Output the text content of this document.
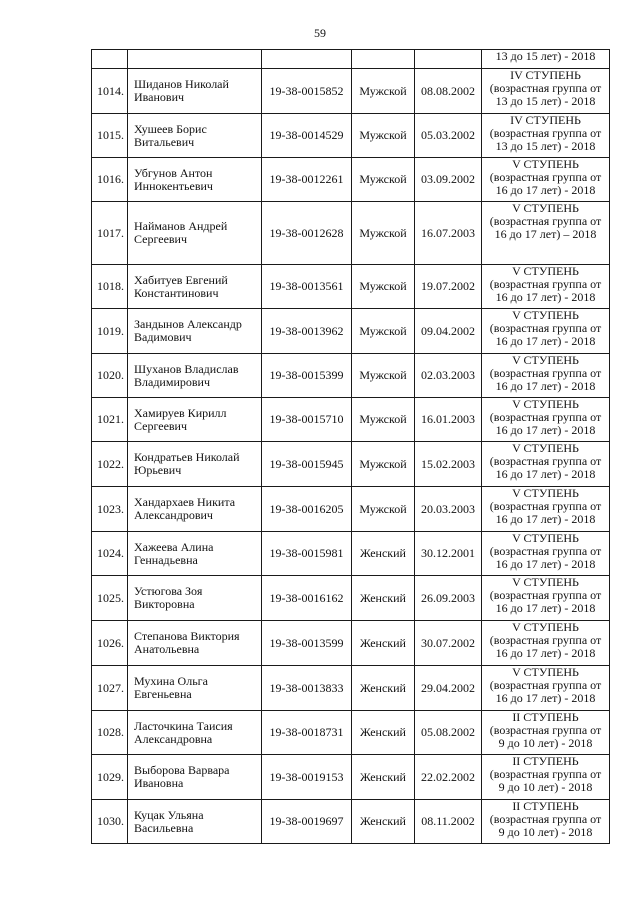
59

					13 до 15 лет) - 2018

1014.	Шиданов Николай
Иванович	19-38-0015852	Мужской	08.08.2002	IV СТУПЕНЬ
(возрастная группа от
13 до 15 лет) - 2018

1015.	Хушеев Борис
Витальевич	19-38-0014529	Мужской	05.03.2002	IV СТУПЕНЬ
(возрастная группа от
13 до 15 лет) - 2018

1016.	Убгунов Антон
Иннокентьевич	19-38-0012261	Мужской	03.09.2002	V СТУПЕНЬ
(возрастная группа от
16 до 17 лет) - 2018

1017.	Найманов Андрей
Сергеевич	19-38-0012628	Мужской	16.07.2003	V СТУПЕНЬ
(возрастная группа от
16 до 17 лет) – 2018

1018.	Хабитуев Евгений
Константинович	19-38-0013561	Мужской	19.07.2002	V СТУПЕНЬ
(возрастная группа от
16 до 17 лет) - 2018

1019.	Зандынов Александр
Вадимович	19-38-0013962	Мужской	09.04.2002	V СТУПЕНЬ
(возрастная группа от
16 до 17 лет) - 2018

1020.	Шуханов Владислав
Владимирович	19-38-0015399	Мужской	02.03.2003	V СТУПЕНЬ
(возрастная группа от
16 до 17 лет) - 2018

1021.	Хамируев Кирилл
Сергеевич	19-38-0015710	Мужской	16.01.2003	V СТУПЕНЬ
(возрастная группа от
16 до 17 лет) - 2018

1022.	Кондратьев Николай
Юрьевич	19-38-0015945	Мужской	15.02.2003	V СТУПЕНЬ
(возрастная группа от
16 до 17 лет) - 2018

1023.	Хандархаев Никита
Александрович	19-38-0016205	Мужской	20.03.2003	V СТУПЕНЬ
(возрастная группа от
16 до 17 лет) - 2018

1024.	Хажеева Алина
Геннадьевна	19-38-0015981	Женский	30.12.2001	V СТУПЕНЬ
(возрастная группа от
16 до 17 лет) - 2018

1025.	Устюгова Зоя
Викторовна	19-38-0016162	Женский	26.09.2003	V СТУПЕНЬ
(возрастная группа от
16 до 17 лет) - 2018

1026.	Степанова Виктория
Анатольевна	19-38-0013599	Женский	30.07.2002	V СТУПЕНЬ
(возрастная группа от
16 до 17 лет) - 2018

1027.	Мухина Ольга
Евгеньевна	19-38-0013833	Женский	29.04.2002	V СТУПЕНЬ
(возрастная группа от
16 до 17 лет) - 2018

1028.	Ласточкина Таисия
Александровна	19-38-0018731	Женский	05.08.2002	II СТУПЕНЬ
(возрастная группа от
9 до 10 лет) - 2018

1029.	Выборова Варвара
Ивановна	19-38-0019153	Женский	22.02.2002	II СТУПЕНЬ
(возрастная группа от
9 до 10 лет) - 2018

1030.	Куцак Ульяна
Васильевна	19-38-0019697	Женский	08.11.2002	II СТУПЕНЬ
(возрастная группа от
9 до 10 лет) - 2018
